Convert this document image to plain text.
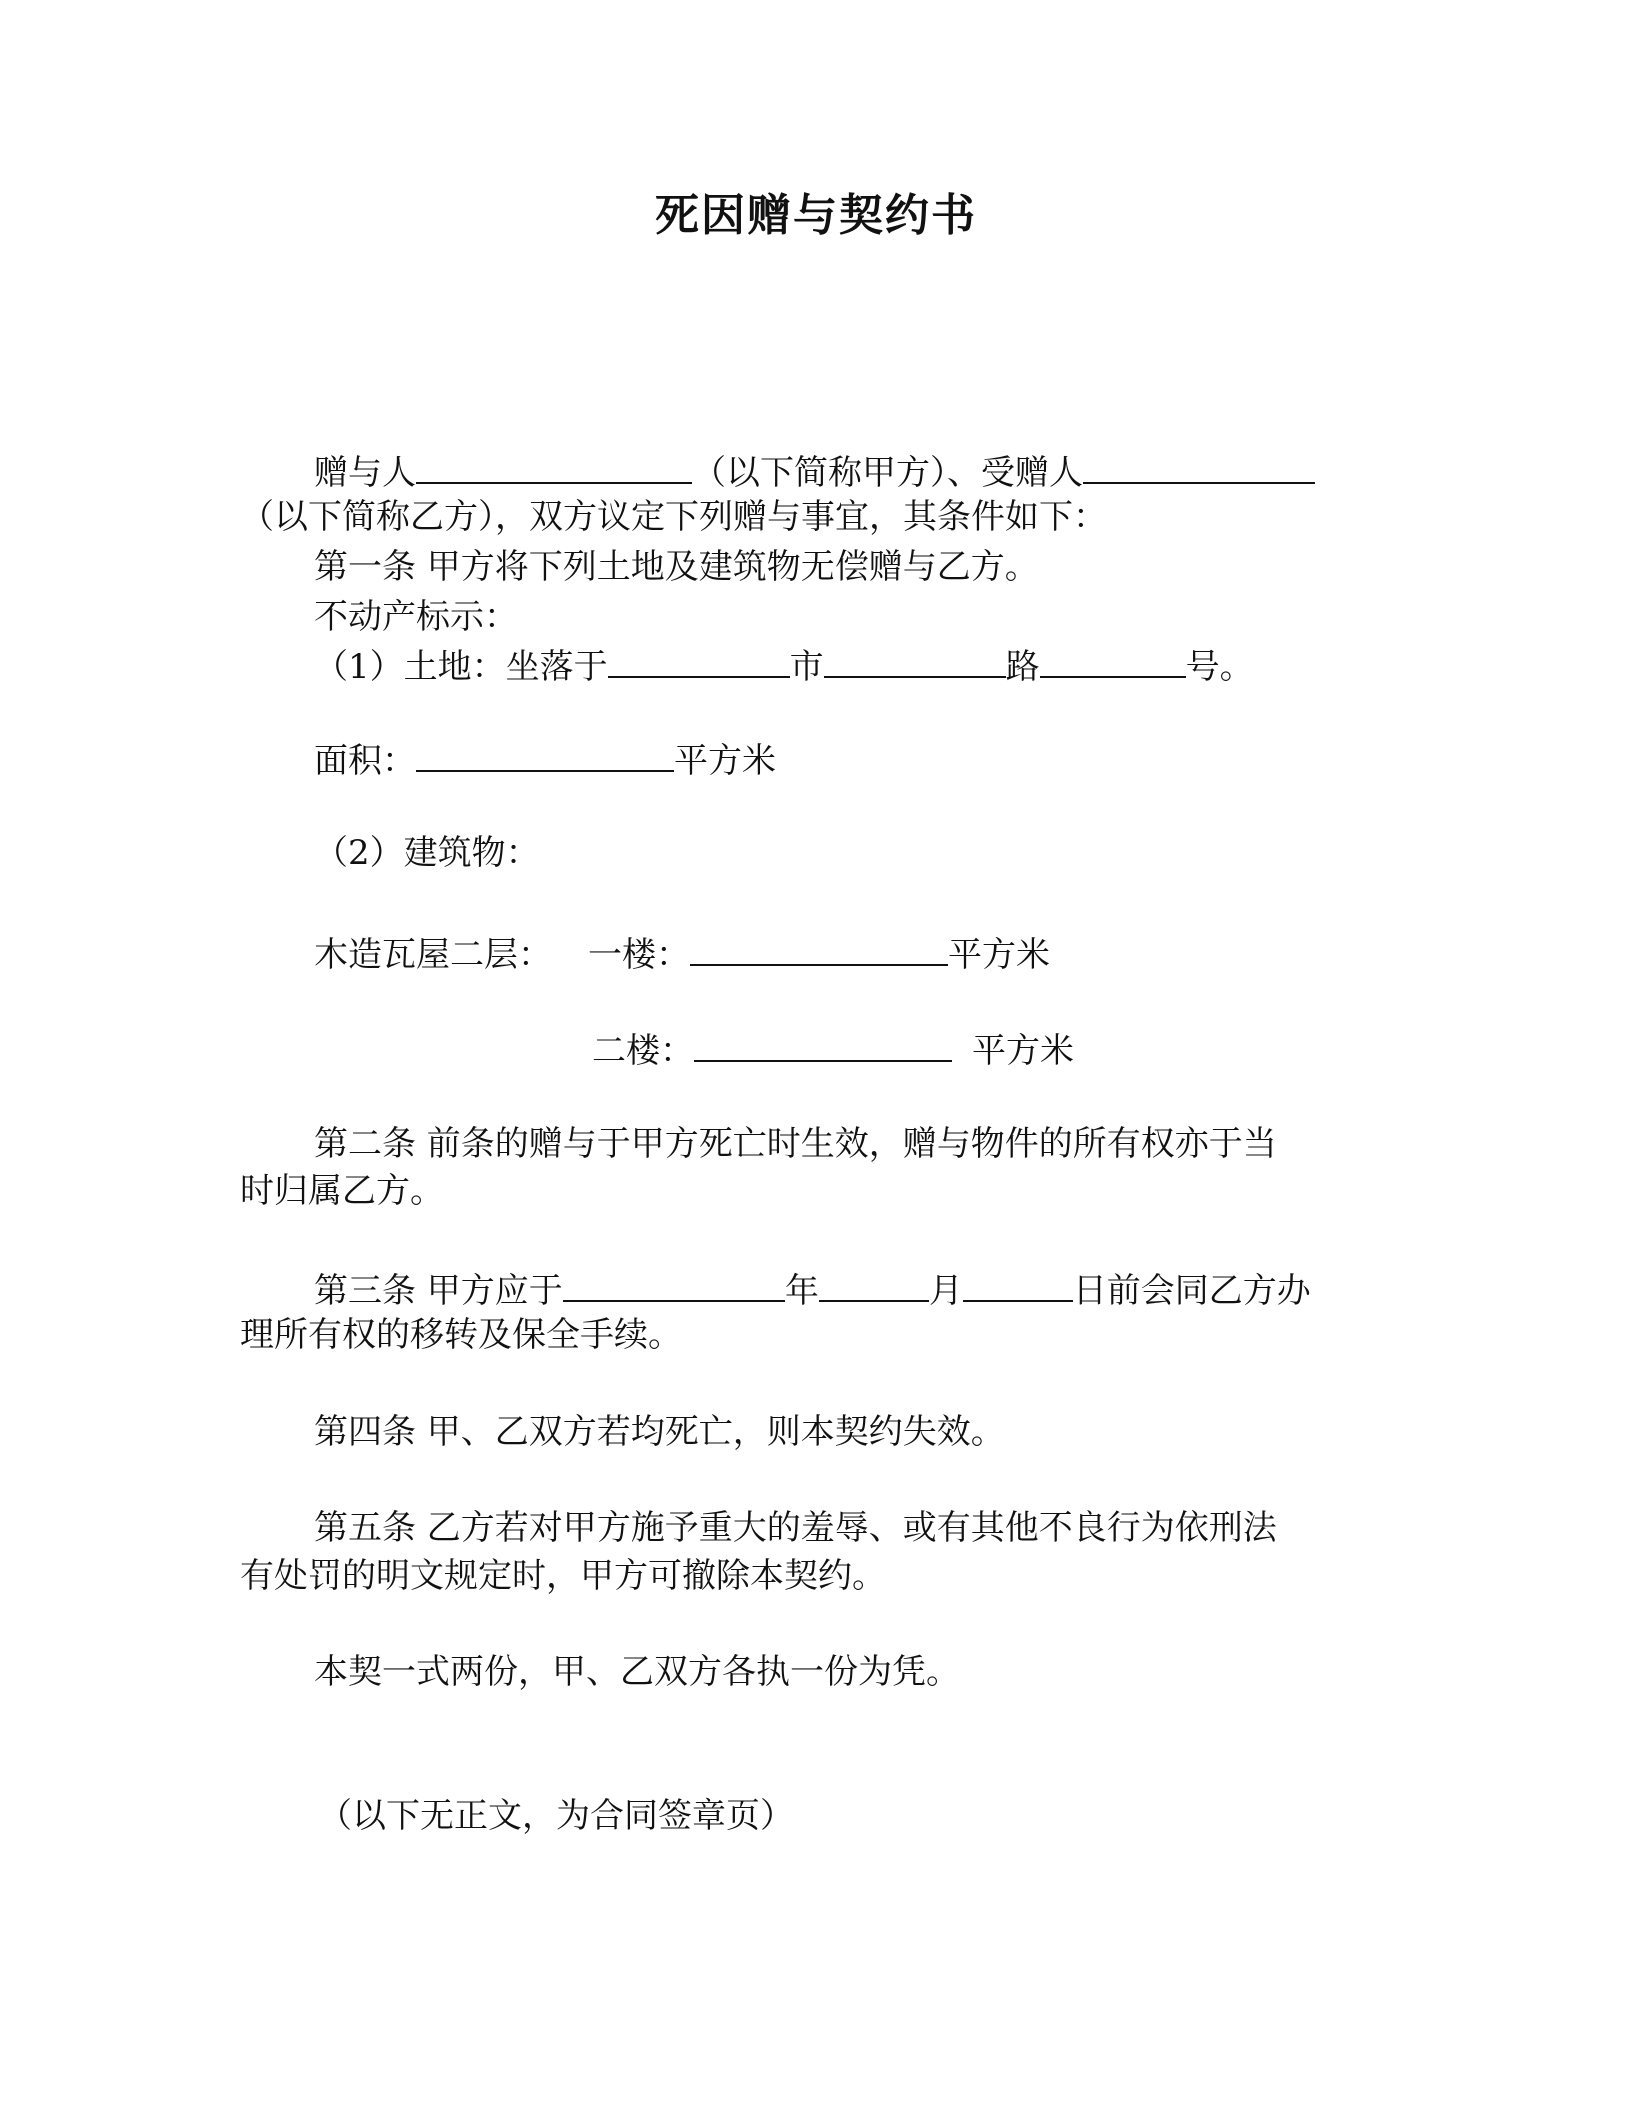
死因赠与契约书
赠与人	（以下简称甲方）、受赠人
（以下简称乙方），双方议定下列赠与事宜，其条件如下：
第一条 甲方将下列土地及建筑物无偿赠与乙方。
不动产标示：
（1）土地：坐落于	市	路	号。
面积：	平方米
（2）建筑物：
木造瓦屋二层： 一楼：	平方米
二楼：	平方米
第二条 前条的赠与于甲方死亡时生效，赠与物件的所有权亦于当
时归属乙方。
第三条 甲方应于	年	月	日前会同乙方办
理所有权的移转及保全手续。
第四条 甲、乙双方若均死亡，则本契约失效。
第五条 乙方若对甲方施予重大的羞辱、或有其他不良行为依刑法
有处罚的明文规定时，甲方可撤除本契约。
本契一式两份，甲、乙双方各执一份为凭。
（以下无正文，为合同签章页）
